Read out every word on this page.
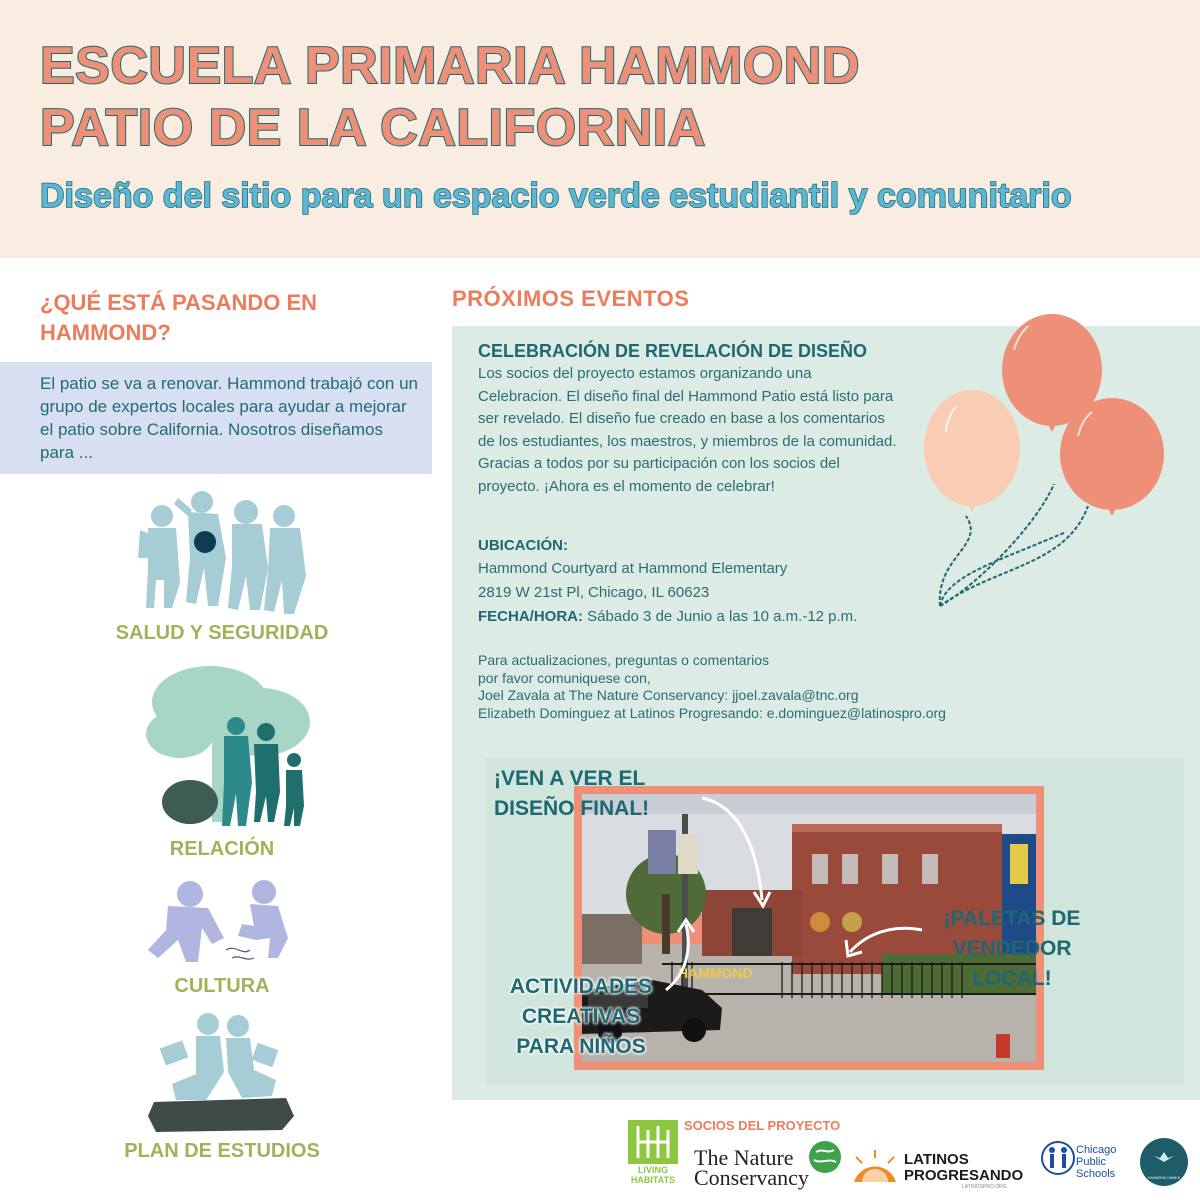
ESCUELA PRIMARIA HAMMOND
PATIO DE LA CALIFORNIA
Diseño del sitio para un espacio verde estudiantil y comunitario
¿QUÉ ESTÁ PASANDO EN HAMMOND?
El patio se va a renovar. Hammond trabajó con un grupo de expertos locales para ayudar a mejorar el patio sobre California. Nosotros diseñamos para ...
SALUD Y SEGURIDAD
RELACIÓN
CULTURA
PLAN DE ESTUDIOS
PRÓXIMOS EVENTOS
CELEBRACIÓN DE REVELACIÓN DE DISEÑO
Los socios del proyecto estamos organizando una Celebracion. El diseño final del Hammond Patio está listo para ser revelado. El diseño fue creado en base a los comentarios de los estudiantes, los maestros, y miembros de la comunidad. Gracias a todos por su participación con los socios del proyecto. ¡Ahora es el momento de celebrar!
UBICACIÓN:
Hammond Courtyard at Hammond Elementary
2819 W 21st Pl, Chicago, IL 60623
FECHA/HORA: Sábado 3 de Junio a las 10 a.m.-12 p.m.
Para actualizaciones, preguntas o comentarios
por favor comuniquese con,
Joel Zavala at The Nature Conservancy: jjoel.zavala@tnc.org
Elizabeth Dominguez at Latinos Progresando: e.dominguez@latinospro.org
HAMMOND
¡VEN A VER EL DISEÑO FINAL!
¡PALETAS DE VENDEDOR LOCAL!
ACTIVIDADES CREATIVAS PARA NIÑOS
SOCIOS DEL PROYECTO
LIVING HABITATS
The Nature
Conservancy
LATINOS
PROGRESANDO
LATINOSPRO.ORG
Chicago
Public
Schools	HAMMOND HAWKS
